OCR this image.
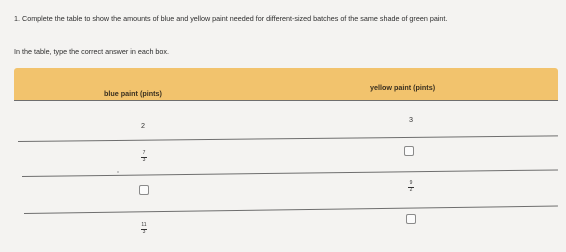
1. Complete the table to show the amounts of blue and yellow paint needed for different-sized batches of the same shade of green paint.
In the table, type the correct answer in each box.
blue paint (pints)
yellow paint (pints)
2
3
7
3
9
2
11
3
